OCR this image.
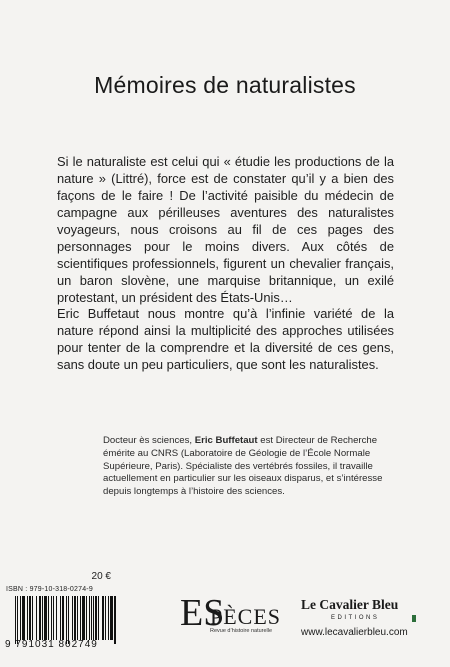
Mémoires de naturalistes
Si le naturaliste est celui qui « étudie les productions de la nature » (Littré), force est de constater qu’il y a bien des façons de le faire ! De l’activité paisible du médecin de campagne aux périlleuses aventures des naturalistes voyageurs, nous croisons au fil de ces pages des personnages pour le moins divers. Aux côtés de scientifiques professionnels, figurent un chevalier français, un baron slovène, une marquise britannique, un exilé protestant, un président des États-Unis…
Eric Buffetaut nous montre qu’à l’infinie variété de la nature répond ainsi la multiplicité des approches utilisées pour tenter de la comprendre et la diversité de ces gens, sans doute un peu particuliers, que sont les naturalistes.
Docteur ès sciences, Eric Buffetaut est Directeur de Recherche émérite au CNRS (Laboratoire de Géologie de l’École Normale Supérieure, Paris). Spécialiste des vertébrés fossiles, il travaille actuellement en particulier sur les oiseaux disparus, et s’intéresse depuis longtemps à l’histoire des sciences.
20 €
ISBN : 979-10-318-0274-9
9 791031 802749
ES
PÈCES
Revue d’histoire naturelle
Le Cavalier Bleu
EDITIONS
www.lecavalierbleu.com
